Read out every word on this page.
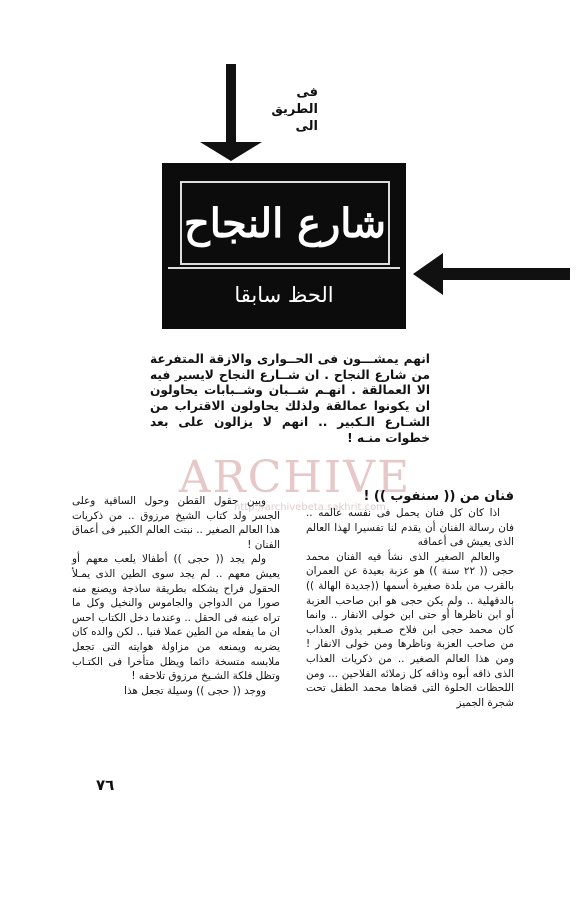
فى
الطريق
الى
شارع النجاح
الحظ سابقا
انهم يمشـــون فى الحــوارى والازقة المتفرعة من شارع النجاح . ان شــارع النجاح لايسير فيه الا العمالقة . انهـم شــبان وشــبابات يحاولون ان يكونوا عمالقة ولذلك يحاولون الاقتراب من الشـارع الـكبير .. انهم لا يزالون على بعد خطوات منـه !
ARCHIVE
http://archivebeta.sakhrit.com

فنان من (( سنفوب )) !

اذا كان كل فنان يحمل فى نفسه عالمه .. فان رسالة الفنان أن يقدم لنا تفسيرا لهذا العالم الذى يعيش فى أعماقه

والعالم الصغير الذى نشأ فيه الفنان محمد حجى (( ٢٢ سنة )) هو عزبة بعيدة عن العمران بالقرب من بلدة صغيرة أسمها ((جديدة الهالة )) بالدقهلية .. ولم يكن حجى هو ابن صاحب العزبة أو ابن ناظرها أو حتى ابن خولى الانفار .. وانما كان محمد حجى ابن فلاح صـغير يذوق العذاب من صاحب العزبة وناظرها ومن خولى الانفار ! ومن هذا العالم الصغير .. من ذكريات العذاب الذى ذاقه أبوه وذاقه كل زملائه الفلاحين ... ومن اللحظات الحلوة التى قضاها محمد الطفل تحت شجرة الجميز

وبين حقول القطن وحول الساقية وعلى الجسر ولد كتاب الشيخ مرزوق .. من ذكريات هذا العالم الصغير .. نبتت العالم الكبير فى أعماق الفنان !

ولم يجد (( حجى )) أطفالا يلعب معهم أو يعيش معهم .. لم يجد سوى الطين الذى يمـلأ الحقول فراح يشكله بطريقة ساذجة ويصنع منه صورا من الدواجن والجاموس والنخيل وكل ما تراه عينه فى الحقل .. وعندما دخل الكتاب احس ان ما يفعله من الطين عملا فنيا .. لكن والده كان يضربه ويمنعه من مزاولة هوايته التى تجعل ملابسه متسخة دائما ويظل متأخرا فى الكتـاب وتظل فلكة الشـيخ مرزوق تلاحقه !

ووجد (( حجى )) وسيلة تجعل هذا

٧٦
